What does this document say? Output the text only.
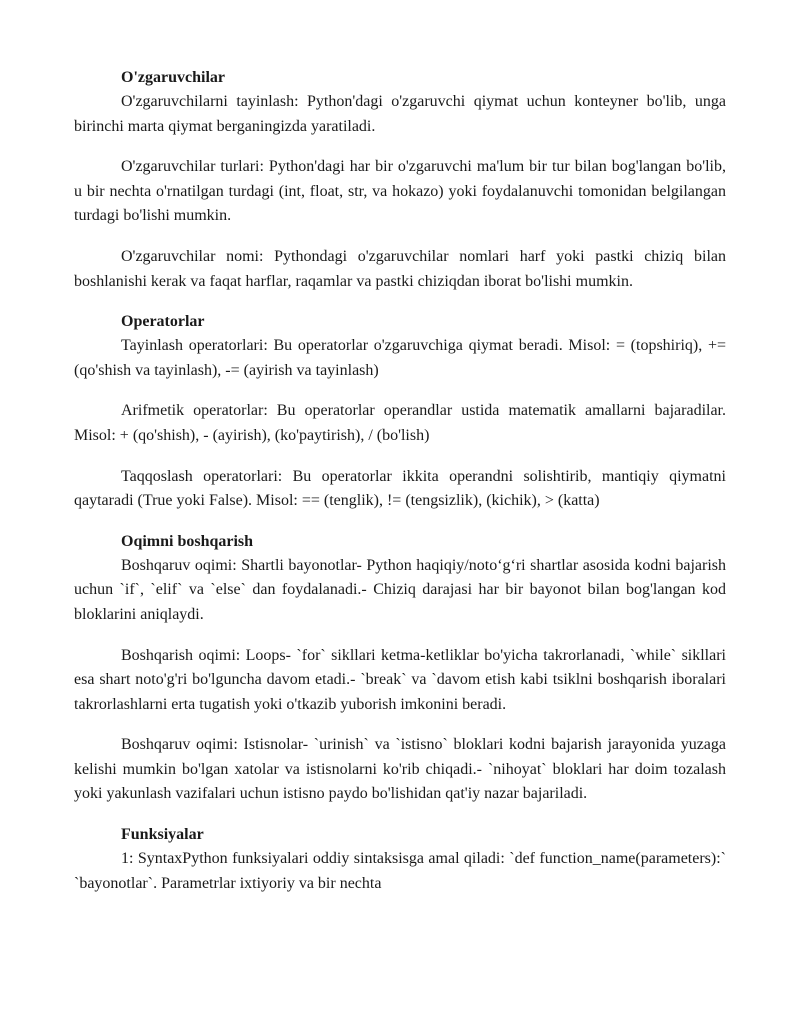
O'zgaruvchilar

O'zgaruvchilarni tayinlash: Python'dagi o'zgaruvchi qiymat uchun konteyner bo'lib, unga birinchi marta qiymat berganingizda yaratiladi.

O'zgaruvchilar turlari: Python'dagi har bir o'zgaruvchi ma'lum bir tur bilan bog'langan bo'lib, u bir nechta o'rnatilgan turdagi (int, float, str, va hokazo) yoki foydalanuvchi tomonidan belgilangan turdagi bo'lishi mumkin.

O'zgaruvchilar nomi: Pythondagi o'zgaruvchilar nomlari harf yoki pastki chiziq bilan boshlanishi kerak va faqat harflar, raqamlar va pastki chiziqdan iborat bo'lishi mumkin.

Operatorlar

Tayinlash operatorlari: Bu operatorlar o'zgaruvchiga qiymat beradi. Misol: = (topshiriq), += (qo'shish va tayinlash), -= (ayirish va tayinlash)

Arifmetik operatorlar: Bu operatorlar operandlar ustida matematik amallarni bajaradilar. Misol: + (qo'shish), - (ayirish), (ko'paytirish), / (bo'lish)

Taqqoslash operatorlari: Bu operatorlar ikkita operandni solishtirib, mantiqiy qiymatni qaytaradi (True yoki False). Misol: == (tenglik), != (tengsizlik), (kichik), > (katta)

Oqimni boshqarish

Boshqaruv oqimi: Shartli bayonotlar- Python haqiqiy/noto‘g‘ri shartlar asosida kodni bajarish uchun `if`, `elif` va `else` dan foydalanadi.- Chiziq darajasi har bir bayonot bilan bog'langan kod bloklarini aniqlaydi.

Boshqarish oqimi: Loops- `for` sikllari ketma-ketliklar bo'yicha takrorlanadi, `while` sikllari esa shart noto'g'ri bo'lguncha davom etadi.- `break` va `davom etish kabi tsiklni boshqarish iboralari takrorlashlarni erta tugatish yoki o'tkazib yuborish imkonini beradi.

Boshqaruv oqimi: Istisnolar- `urinish` va `istisno` bloklari kodni bajarish jarayonida yuzaga kelishi mumkin bo'lgan xatolar va istisnolarni ko'rib chiqadi.- `nihoyat` bloklari har doim tozalash yoki yakunlash vazifalari uchun istisno paydo bo'lishidan qat'iy nazar bajariladi.

Funksiyalar

1: SyntaxPython funksiyalari oddiy sintaksisga amal qiladi: `def function_name(parameters):` `bayonotlar`. Parametrlar ixtiyoriy va bir nechta
